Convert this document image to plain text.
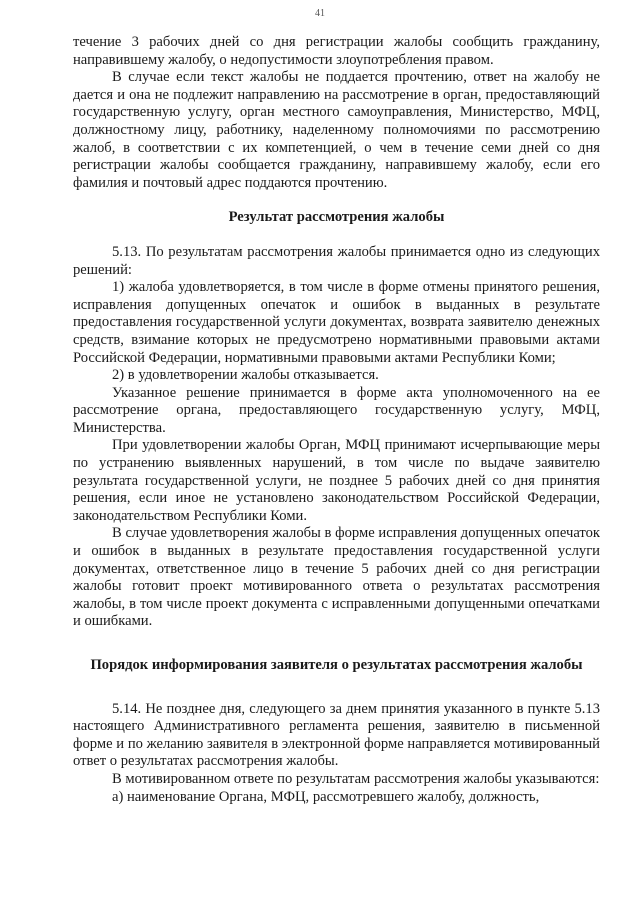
41

течение 3 рабочих дней со дня регистрации жалобы сообщить гражданину, направившему жалобу, о недопустимости злоупотребления правом.

В случае если текст жалобы не поддается прочтению, ответ на жалобу не дается и она не подлежит направлению на рассмотрение в орган, предоставляющий государственную услугу, орган местного самоуправления, Министерство, МФЦ, должностному лицу, работнику, наделенному полномочиями по рассмотрению жалоб, в соответствии с их компетенцией, о чем в течение семи дней со дня регистрации жалобы сообщается гражданину, направившему жалобу, если его фамилия и почтовый адрес поддаются прочтению.

Результат рассмотрения жалобы

5.13. По результатам рассмотрения жалобы принимается одно из следующих решений:

1) жалоба удовлетворяется, в том числе в форме отмены принятого решения, исправления допущенных опечаток и ошибок в выданных в результате предоставления государственной услуги документах, возврата заявителю денежных средств, взимание которых не предусмотрено нормативными правовыми актами Российской Федерации, нормативными правовыми актами Республики Коми;

2) в удовлетворении жалобы отказывается.

Указанное решение принимается в форме акта уполномоченного на ее рассмотрение органа, предоставляющего государственную услугу, МФЦ, Министерства.

При удовлетворении жалобы Орган, МФЦ принимают исчерпывающие меры по устранению выявленных нарушений, в том числе по выдаче заявителю результата государственной услуги, не позднее 5 рабочих дней со дня принятия решения, если иное не установлено законодательством Российской Федерации, законодательством Республики Коми.

В случае удовлетворения жалобы в форме исправления допущенных опечаток и ошибок в выданных в результате предоставления государственной услуги документах, ответственное лицо в течение 5 рабочих дней со дня регистрации жалобы готовит проект мотивированного ответа о результатах рассмотрения жалобы, в том числе проект документа с исправленными допущенными опечатками и ошибками.

Порядок информирования заявителя о результатах рассмотрения жалобы

5.14. Не позднее дня, следующего за днем принятия указанного в пункте 5.13 настоящего Административного регламента решения, заявителю в письменной форме и по желанию заявителя в электронной форме направляется мотивированный ответ о результатах рассмотрения жалобы.

В мотивированном ответе по результатам рассмотрения жалобы указываются:

а) наименование Органа, МФЦ, рассмотревшего жалобу, должность,
